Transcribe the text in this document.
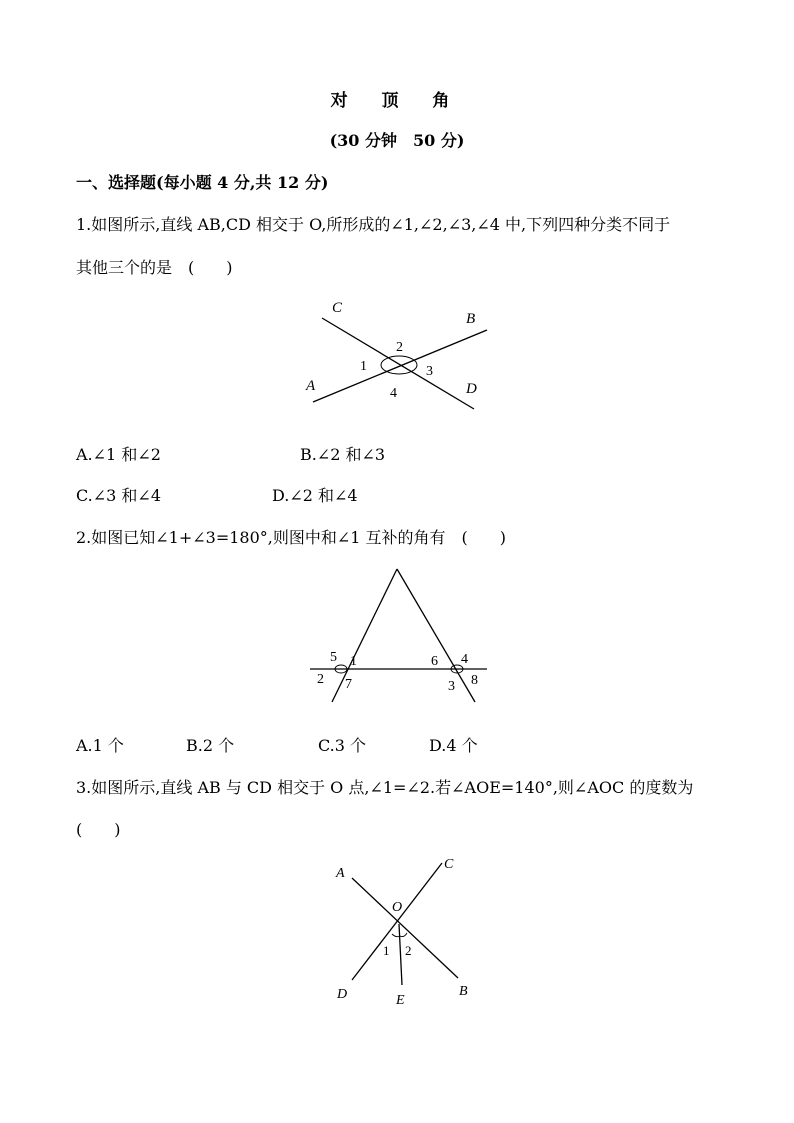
对 顶 角
(30 分钟　50 分)
一、选择题(每小题 4 分,共 12 分)
1.如图所示,直线 AB,CD 相交于 O,所形成的∠1,∠2,∠3,∠4 中,下列四种分类不同于
其他三个的是　(　　)
C
B
A	D
1
2
3
4
A.∠1 和∠2	B.∠2 和∠3
C.∠3 和∠4	D.∠2 和∠4
2.如图已知∠1+∠3=180°,则图中和∠1 互补的角有　(　　)
5 1
2 7
6 4
3 8
A.1 个	B.2 个	C.3 个	D.4 个
3.如图所示,直线 AB 与 CD 相交于 O 点,∠1=∠2.若∠AOE=140°,则∠AOC 的度数为
(　　)
A
C
O
D	E
B
1 2
